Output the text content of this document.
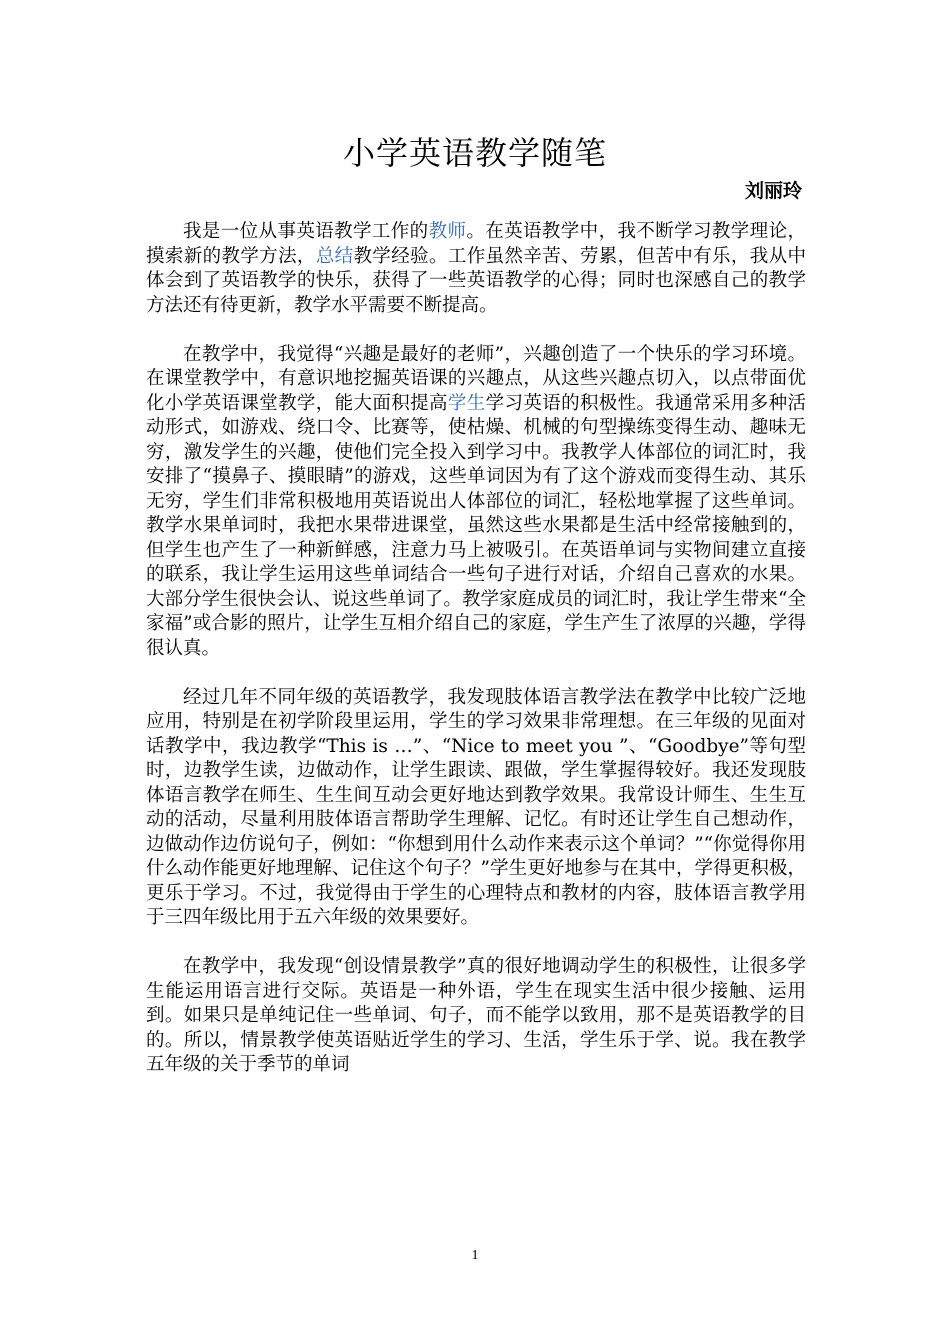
小学英语教学随笔
刘丽玲

我是一位从事英语教学工作的教师。在英语教学中，我不断学习教学理论，摸索新的教学方法，总结教学经验。工作虽然辛苦、劳累，但苦中有乐，我从中体会到了英语教学的快乐，获得了一些英语教学的心得；同时也深感自己的教学方法还有待更新，教学水平需要不断提高。

在教学中，我觉得“兴趣是最好的老师”，兴趣创造了一个快乐的学习环境。在课堂教学中，有意识地挖掘英语课的兴趣点，从这些兴趣点切入，以点带面优化小学英语课堂教学，能大面积提高学生学习英语的积极性。我通常采用多种活动形式，如游戏、绕口令、比赛等，使枯燥、机械的句型操练变得生动、趣味无穷，激发学生的兴趣，使他们完全投入到学习中。我教学人体部位的词汇时，我安排了“摸鼻子、摸眼睛”的游戏，这些单词因为有了这个游戏而变得生动、其乐无穷，学生们非常积极地用英语说出人体部位的词汇，轻松地掌握了这些单词。教学水果单词时，我把水果带进课堂，虽然这些水果都是生活中经常接触到的，但学生也产生了一种新鲜感，注意力马上被吸引。在英语单词与实物间建立直接的联系，我让学生运用这些单词结合一些句子进行对话，介绍自己喜欢的水果。大部分学生很快会认、说这些单词了。教学家庭成员的词汇时，我让学生带来“全家福”或合影的照片，让学生互相介绍自己的家庭，学生产生了浓厚的兴趣，学得很认真。

经过几年不同年级的英语教学，我发现肢体语言教学法在教学中比较广泛地应用，特别是在初学阶段里运用，学生的学习效果非常理想。在三年级的见面对话教学中，我边教学“This is …”、“Nice to meet you ”、“Goodbye”等句型时，边教学生读，边做动作，让学生跟读、跟做，学生掌握得较好。我还发现肢体语言教学在师生、生生间互动会更好地达到教学效果。我常设计师生、生生互动的活动，尽量利用肢体语言帮助学生理解、记忆。有时还让学生自己想动作，边做动作边仿说句子，例如：“你想到用什么动作来表示这个单词？”“你觉得你用什么动作能更好地理解、记住这个句子？”学生更好地参与在其中，学得更积极，更乐于学习。不过，我觉得由于学生的心理特点和教材的内容，肢体语言教学用于三四年级比用于五六年级的效果要好。

在教学中，我发现“创设情景教学”真的很好地调动学生的积极性，让很多学生能运用语言进行交际。英语是一种外语，学生在现实生活中很少接触、运用到。如果只是单纯记住一些单词、句子，而不能学以致用，那不是英语教学的目的。所以，情景教学使英语贴近学生的学习、生活，学生乐于学、说。我在教学五年级的关于季节的单词

1
